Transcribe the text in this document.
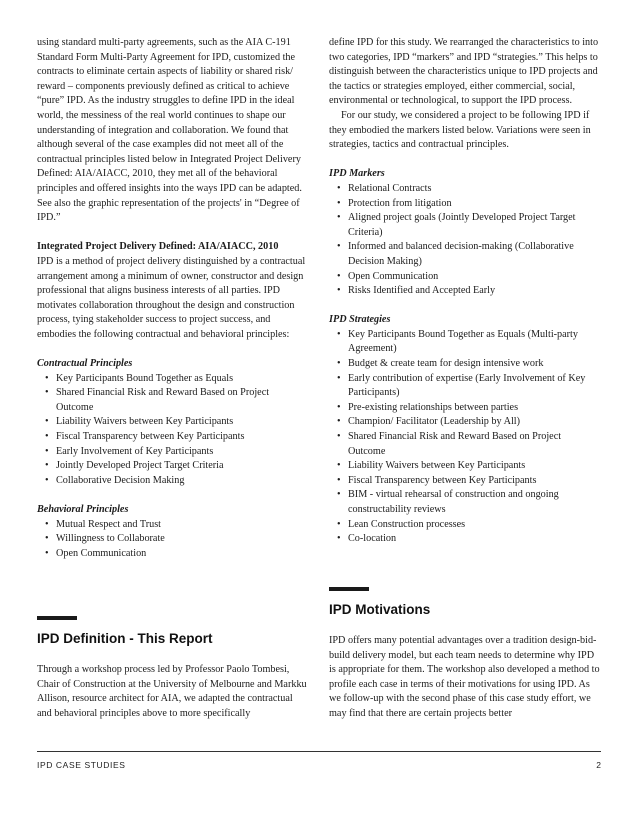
using standard multi-party agreements, such as the AIA C-191 Standard Form Multi-Party Agreement for IPD, customized the contracts to eliminate certain aspects of liability or shared risk/ reward – components previously defined as critical to achieve “pure” IPD. As the industry struggles to define IPD in the ideal world, the messiness of the real world continues to shape our understanding of integration and collaboration. We found that although several of the case examples did not meet all of the contractual principles listed below in Integrated Project Delivery Defined: AIA/AIACC, 2010, they met all of the behavioral principles and offered insights into the ways IPD can be adapted. See also the graphic representation of the projects' in “Degree of IPD.”

Integrated Project Delivery Defined: AIA/AIACC, 2010

IPD is a method of project delivery distinguished by a contractual arrangement among a minimum of owner, constructor and design professional that aligns business interests of all parties. IPD motivates collaboration throughout the design and construction process, tying stakeholder success to project success, and embodies the following contractual and behavioral principles:

Contractual Principles

• Key Participants Bound Together as Equals
• Shared Financial Risk and Reward Based on Project Outcome
• Liability Waivers between Key Participants
• Fiscal Transparency between Key Participants
• Early Involvement of Key Participants
• Jointly Developed Project Target Criteria
• Collaborative Decision Making

Behavioral Principles

• Mutual Respect and Trust
• Willingness to Collaborate
• Open Communication
IPD Definition - This Report

Through a workshop process led by Professor Paolo Tombesi, Chair of Construction at the University of Melbourne and Markku Allison, resource architect for AIA, we adapted the contractual and behavioral principles above to more specifically

define IPD for this study. We rearranged the characteristics to into two categories, IPD “markers” and IPD “strategies.” This helps to distinguish between the characteristics unique to IPD projects and the tactics or strategies employed, either commercial, social, environmental or technological, to support the IPD process.

For our study, we considered a project to be following IPD if they embodied the markers listed below. Variations were seen in strategies, tactics and contractual principles.

IPD Markers

• Relational Contracts
• Protection from litigation
• Aligned project goals (Jointly Developed Project Target Criteria)
• Informed and balanced decision-making (Collaborative Decision Making)
• Open Communication
• Risks Identified and Accepted Early

IPD Strategies

• Key Participants Bound Together as Equals (Multi-party Agreement)
• Budget & create team for design intensive work
• Early contribution of expertise (Early Involvement of Key Participants)
• Pre-existing relationships between parties
• Champion/ Facilitator (Leadership by All)
• Shared Financial Risk and Reward Based on Project Outcome
• Liability Waivers between Key Participants
• Fiscal Transparency between Key Participants
• BIM - virtual rehearsal of construction and ongoing constructability reviews
• Lean Construction processes
• Co-location
IPD Motivations

IPD offers many potential advantages over a tradition design-bid-build delivery model, but each team needs to determine why IPD is appropriate for them. The workshop also developed a method to profile each case in terms of their motivations for using IPD. As we follow-up with the second phase of this case study effort, we may find that there are certain projects better

IPD CASE STUDIES	2
